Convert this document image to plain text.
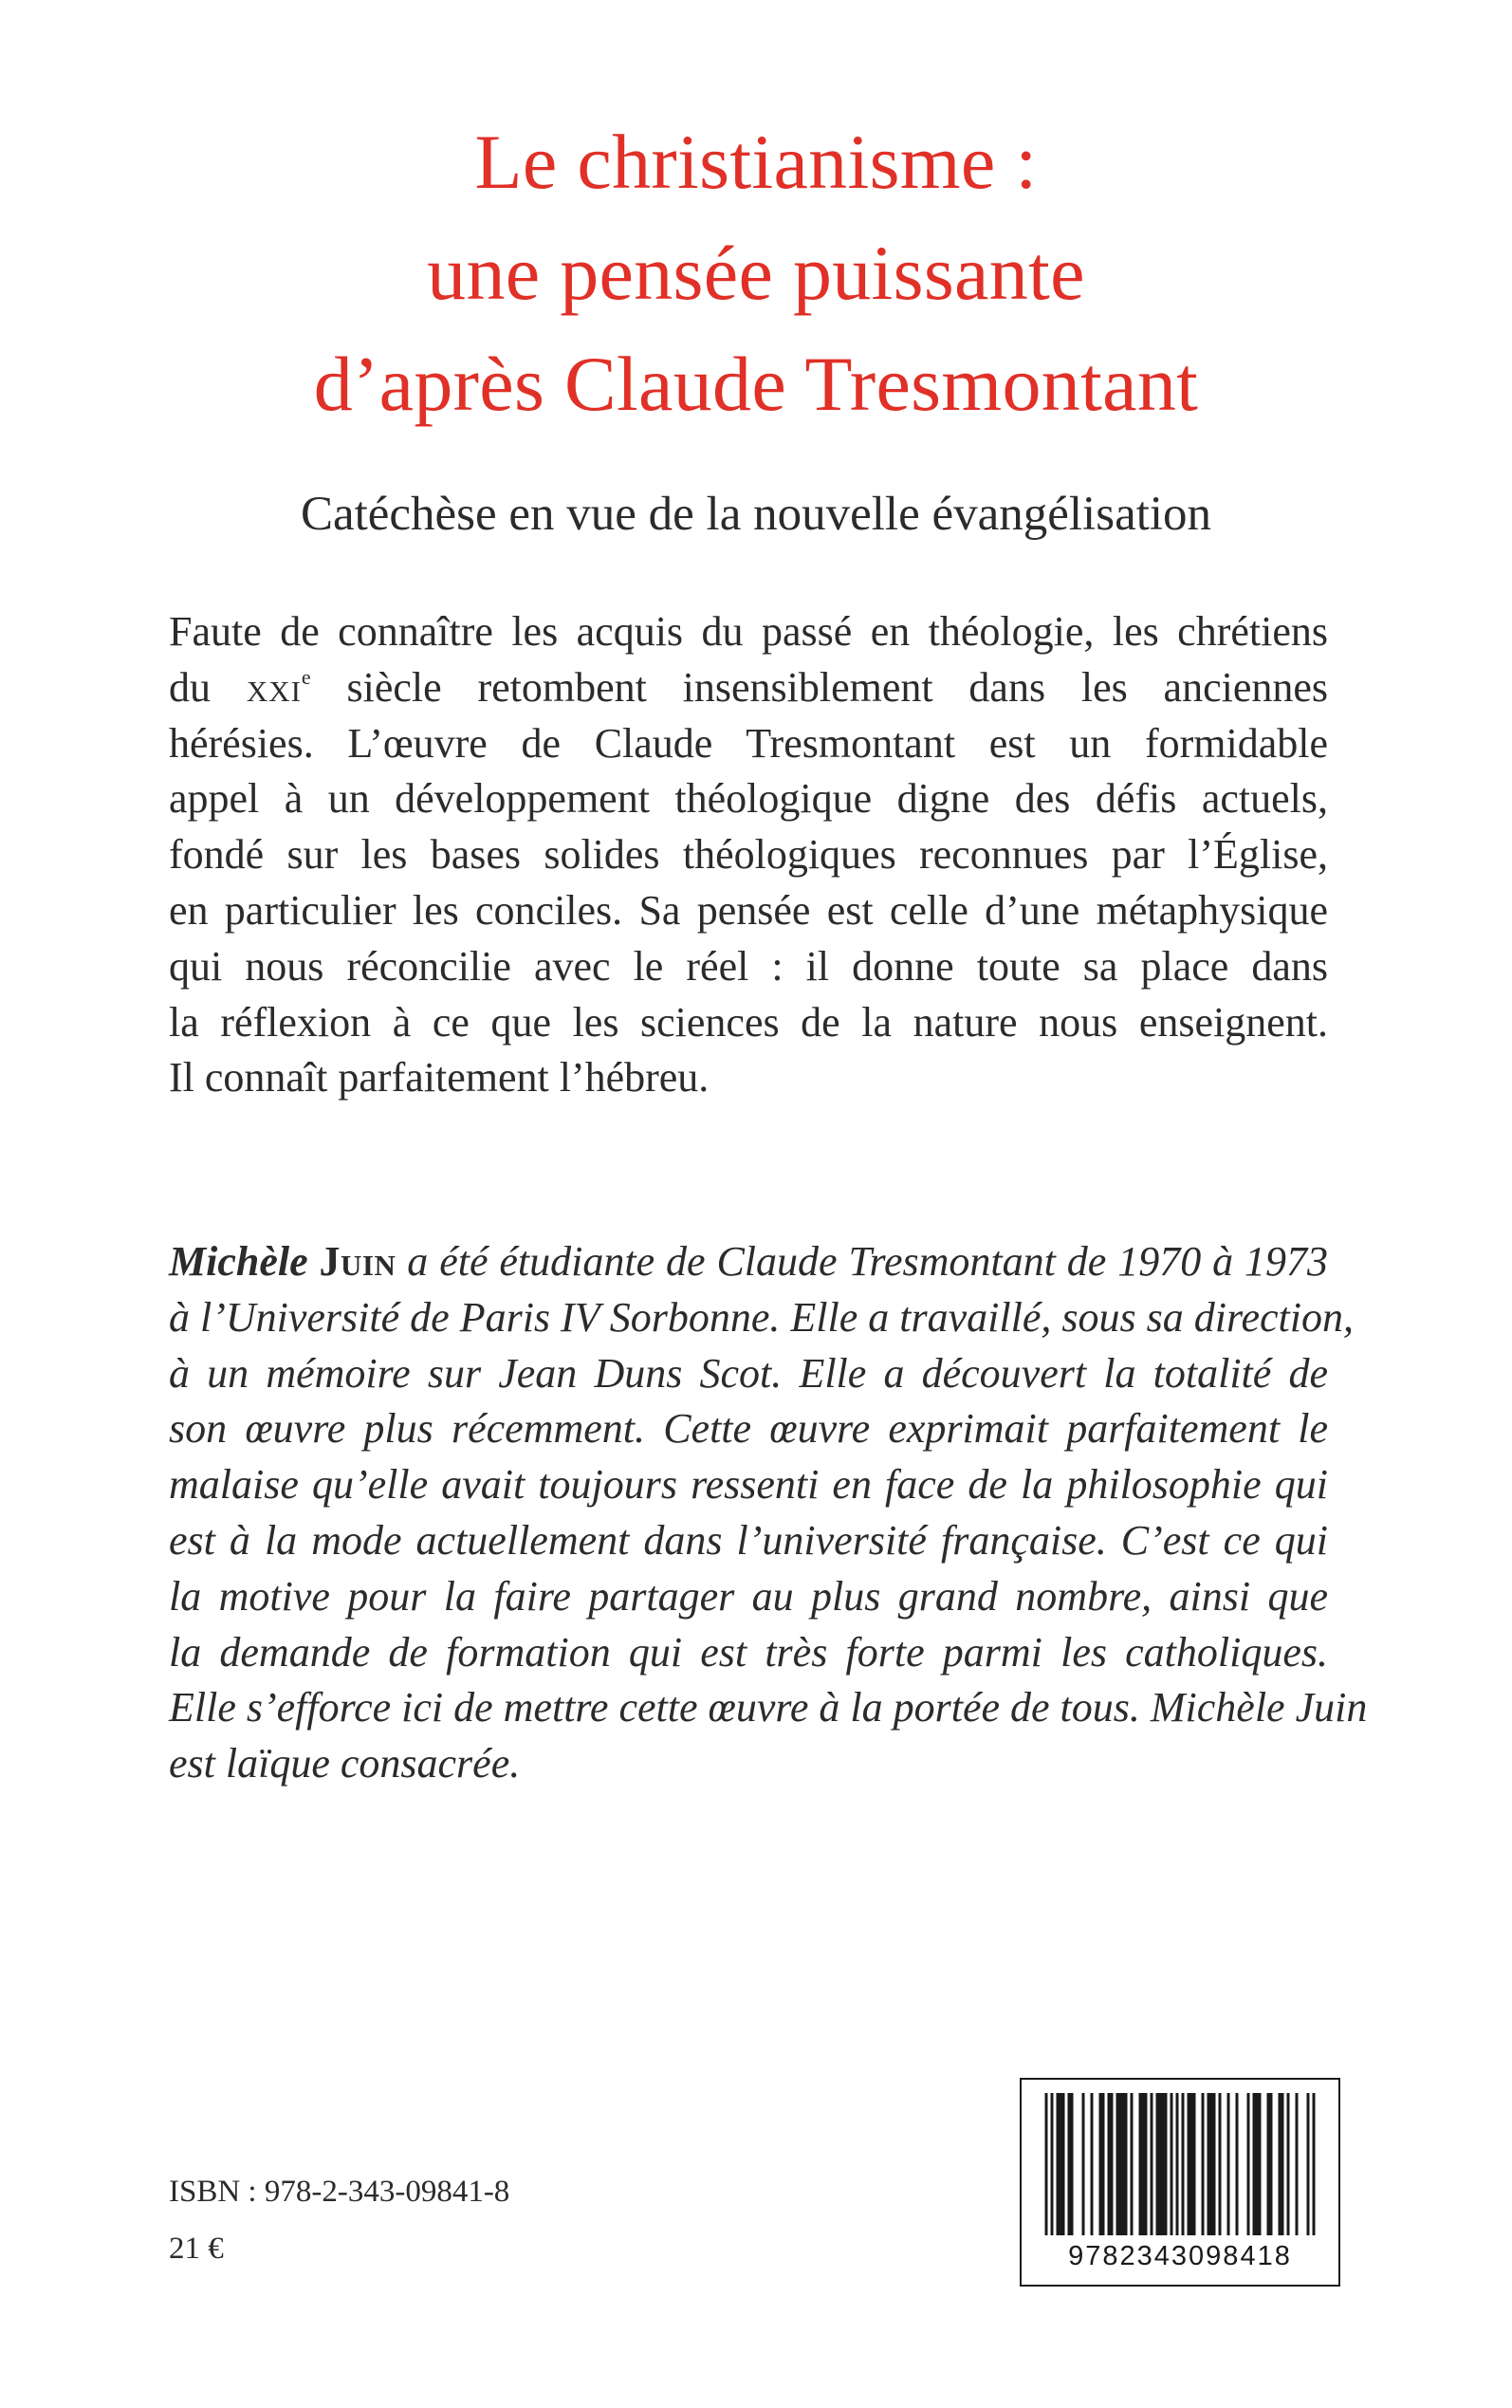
Le christianisme :
une pensée puissante
d’après Claude Tresmontant
Catéchèse en vue de la nouvelle évangélisation
Faute de connaître les acquis du passé en théologie, les chrétiens
du xxi$^e$ siècle retombent insensiblement dans les anciennes
hérésies. L’œuvre de Claude Tresmontant est un formidable
appel à un développement théologique digne des défis actuels,
fondé sur les bases solides théologiques reconnues par l’Église,
en particulier les conciles. Sa pensée est celle d’une métaphysique
qui nous réconcilie avec le réel : il donne toute sa place dans
la réflexion à ce que les sciences de la nature nous enseignent.
Il connaît parfaitement l’hébreu.
Michèle Juin a été étudiante de Claude Tresmontant de 1970 à 1973
à l’Université de Paris IV Sorbonne. Elle a travaillé, sous sa direction,
à un mémoire sur Jean Duns Scot. Elle a découvert la totalité de
son œuvre plus récemment. Cette œuvre exprimait parfaitement le
malaise qu’elle avait toujours ressenti en face de la philosophie qui
est à la mode actuellement dans l’université française. C’est ce qui
la motive pour la faire partager au plus grand nombre, ainsi que
la demande de formation qui est très forte parmi les catholiques.
Elle s’efforce ici de mettre cette œuvre à la portée de tous. Michèle Juin
est laïque consacrée.
ISBN : 978-2-343-09841-8
21 €	9782343098418
